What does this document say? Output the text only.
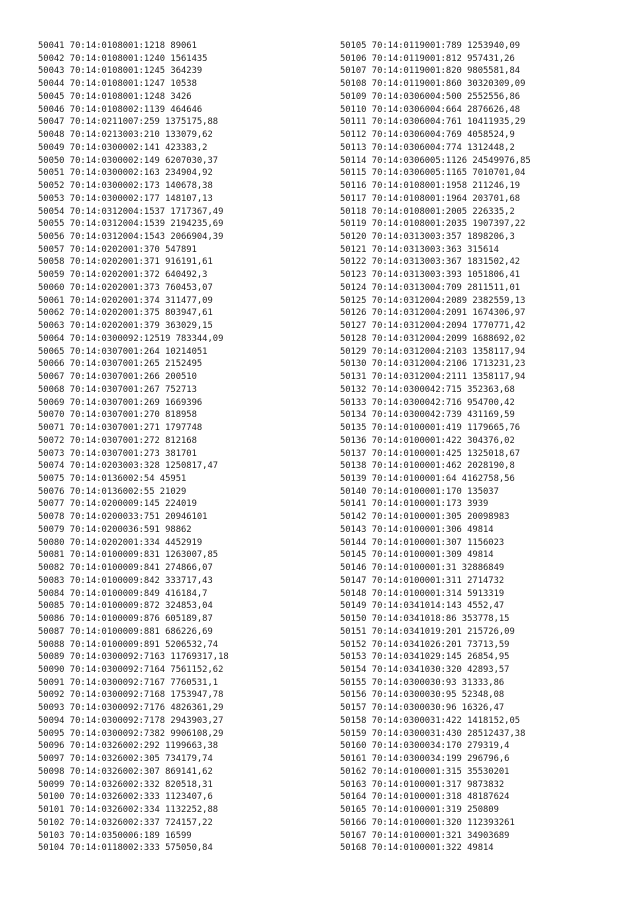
50041 70:14:0108001:1218 89061
50042 70:14:0108001:1240 1561435
50043 70:14:0108001:1245 364239
50044 70:14:0108001:1247 10538
50045 70:14:0108001:1248 3426
50046 70:14:0108002:1139 464646
50047 70:14:0211007:259 1375175,88
50048 70:14:0213003:210 133079,62
50049 70:14:0300002:141 423383,2
50050 70:14:0300002:149 6207030,37
50051 70:14:0300002:163 234904,92
50052 70:14:0300002:173 140678,38
50053 70:14:0300002:177 148107,13
50054 70:14:0312004:1537 1717367,49
50055 70:14:0312004:1539 2194235,69
50056 70:14:0312004:1543 2066904,39
50057 70:14:0202001:370 547891
50058 70:14:0202001:371 916191,61
50059 70:14:0202001:372 640492,3
50060 70:14:0202001:373 760453,07
50061 70:14:0202001:374 311477,09
50062 70:14:0202001:375 803947,61
50063 70:14:0202001:379 363029,15
50064 70:14:0300092:12519 783344,09
50065 70:14:0307001:264 10214051
50066 70:14:0307001:265 2152495
50067 70:14:0307001:266 200510
50068 70:14:0307001:267 752713
50069 70:14:0307001:269 1669396
50070 70:14:0307001:270 818958
50071 70:14:0307001:271 1797748
50072 70:14:0307001:272 812168
50073 70:14:0307001:273 381701
50074 70:14:0203003:328 1250817,47
50075 70:14:0136002:54 45951
50076 70:14:0136002:55 21029
50077 70:14:0200009:145 224019
50078 70:14:0200033:751 20946101
50079 70:14:0200036:591 98862
50080 70:14:0202001:334 4452919
50081 70:14:0100009:831 1263007,85
50082 70:14:0100009:841 274866,07
50083 70:14:0100009:842 333717,43
50084 70:14:0100009:849 416184,7
50085 70:14:0100009:872 324853,04
50086 70:14:0100009:876 605189,87
50087 70:14:0100009:881 686226,69
50088 70:14:0100009:891 5206532,74
50089 70:14:0300092:7163 11769317,18
50090 70:14:0300092:7164 7561152,62
50091 70:14:0300092:7167 7760531,1
50092 70:14:0300092:7168 1753947,78
50093 70:14:0300092:7176 4826361,29
50094 70:14:0300092:7178 2943903,27
50095 70:14:0300092:7382 9906108,29
50096 70:14:0326002:292 1199663,38
50097 70:14:0326002:305 734179,74
50098 70:14:0326002:307 869141,62
50099 70:14:0326002:332 820518,31
50100 70:14:0326002:333 1123407,6
50101 70:14:0326002:334 1132252,88
50102 70:14:0326002:337 724157,22
50103 70:14:0350006:189 16599
50104 70:14:0118002:333 575050,84
50105 70:14:0119001:789 1253940,09
50106 70:14:0119001:812 957431,26
50107 70:14:0119001:820 9805581,84
50108 70:14:0119001:860 30320309,09
50109 70:14:0306004:500 2552556,86
50110 70:14:0306004:664 2876626,48
50111 70:14:0306004:761 10411935,29
50112 70:14:0306004:769 4058524,9
50113 70:14:0306004:774 1312448,2
50114 70:14:0306005:1126 24549976,85
50115 70:14:0306005:1165 7010701,04
50116 70:14:0108001:1958 211246,19
50117 70:14:0108001:1964 203701,68
50118 70:14:0108001:2005 226335,2
50119 70:14:0108001:2035 1907397,22
50120 70:14:0313003:357 1898206,3
50121 70:14:0313003:363 315614
50122 70:14:0313003:367 1831502,42
50123 70:14:0313003:393 1051806,41
50124 70:14:0313004:709 2811511,01
50125 70:14:0312004:2089 2382559,13
50126 70:14:0312004:2091 1674306,97
50127 70:14:0312004:2094 1770771,42
50128 70:14:0312004:2099 1688692,02
50129 70:14:0312004:2103 1358117,94
50130 70:14:0312004:2106 1713231,23
50131 70:14:0312004:2111 1358117,94
50132 70:14:0300042:715 352363,68
50133 70:14:0300042:716 954700,42
50134 70:14:0300042:739 431169,59
50135 70:14:0100001:419 1179665,76
50136 70:14:0100001:422 304376,02
50137 70:14:0100001:425 1325018,67
50138 70:14:0100001:462 2028190,8
50139 70:14:0100001:64 4162758,56
50140 70:14:0100001:170 135037
50141 70:14:0100001:173 3939
50142 70:14:0100001:305 20098983
50143 70:14:0100001:306 49814
50144 70:14:0100001:307 1156023
50145 70:14:0100001:309 49814
50146 70:14:0100001:31 32886849
50147 70:14:0100001:311 2714732
50148 70:14:0100001:314 5913319
50149 70:14:0341014:143 4552,47
50150 70:14:0341018:86 353778,15
50151 70:14:0341019:201 215726,09
50152 70:14:0341026:201 73713,59
50153 70:14:0341029:145 26854,95
50154 70:14:0341030:320 42893,57
50155 70:14:0300030:93 31333,86
50156 70:14:0300030:95 52348,08
50157 70:14:0300030:96 16326,47
50158 70:14:0300031:422 1418152,05
50159 70:14:0300031:430 28512437,38
50160 70:14:0300034:170 279319,4
50161 70:14:0300034:199 296796,6
50162 70:14:0100001:315 35530201
50163 70:14:0100001:317 9873832
50164 70:14:0100001:318 48187624
50165 70:14:0100001:319 250809
50166 70:14:0100001:320 112393261
50167 70:14:0100001:321 34903689
50168 70:14:0100001:322 49814
